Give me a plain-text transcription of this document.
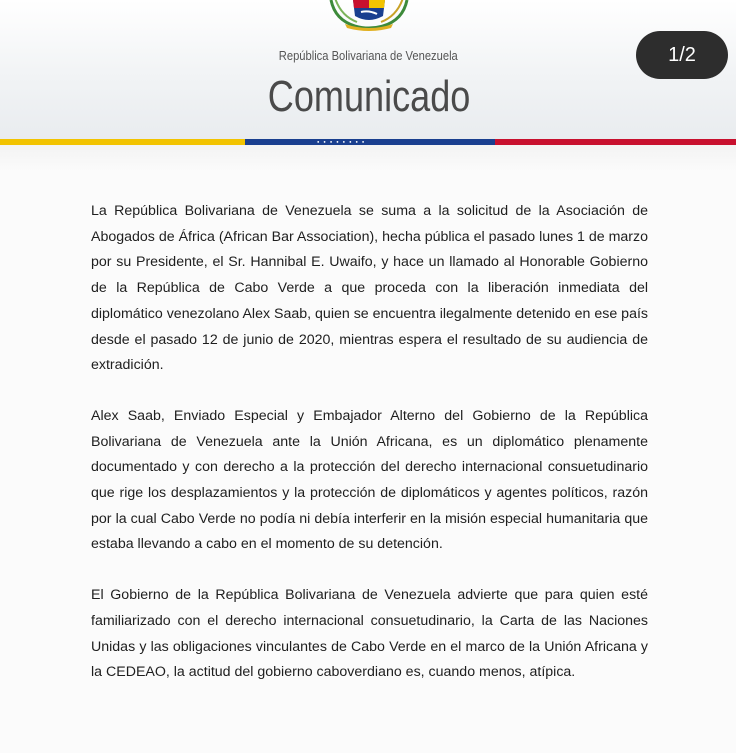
República Bolivariana de Venezuela
Comunicado
1/2
●●●●●●●●

La República Bolivariana de Venezuela se suma a la solicitud de la Asociación de Abogados de África (African Bar Association), hecha pública el pasado lunes 1 de marzo por su Presidente, el Sr. Hannibal E. Uwaifo, y hace un llamado al Honorable Gobierno de la República de Cabo Verde a que proceda con la liberación inmediata del diplomático venezolano Alex Saab, quien se encuentra ilegalmente detenido en ese país desde el pasado 12 de junio de 2020, mientras espera el resultado de su audiencia de extradición.

Alex Saab, Enviado Especial y Embajador Alterno del Gobierno de la República Bolivariana de Venezuela ante la Unión Africana, es un diplomático plenamente documentado y con derecho a la protección del derecho internacional consuetudinario que rige los desplazamientos y la protección de diplomáticos y agentes políticos, razón por la cual Cabo Verde no podía ni debía interferir en la misión especial humanitaria que estaba llevando a cabo en el momento de su detención.

El Gobierno de la República Bolivariana de Venezuela advierte que para quien esté familiarizado con el derecho internacional consuetudinario, la Carta de las Naciones Unidas y las obligaciones vinculantes de Cabo Verde en el marco de la Unión Africana y la CEDEAO, la actitud del gobierno caboverdiano es, cuando menos, atípica.
